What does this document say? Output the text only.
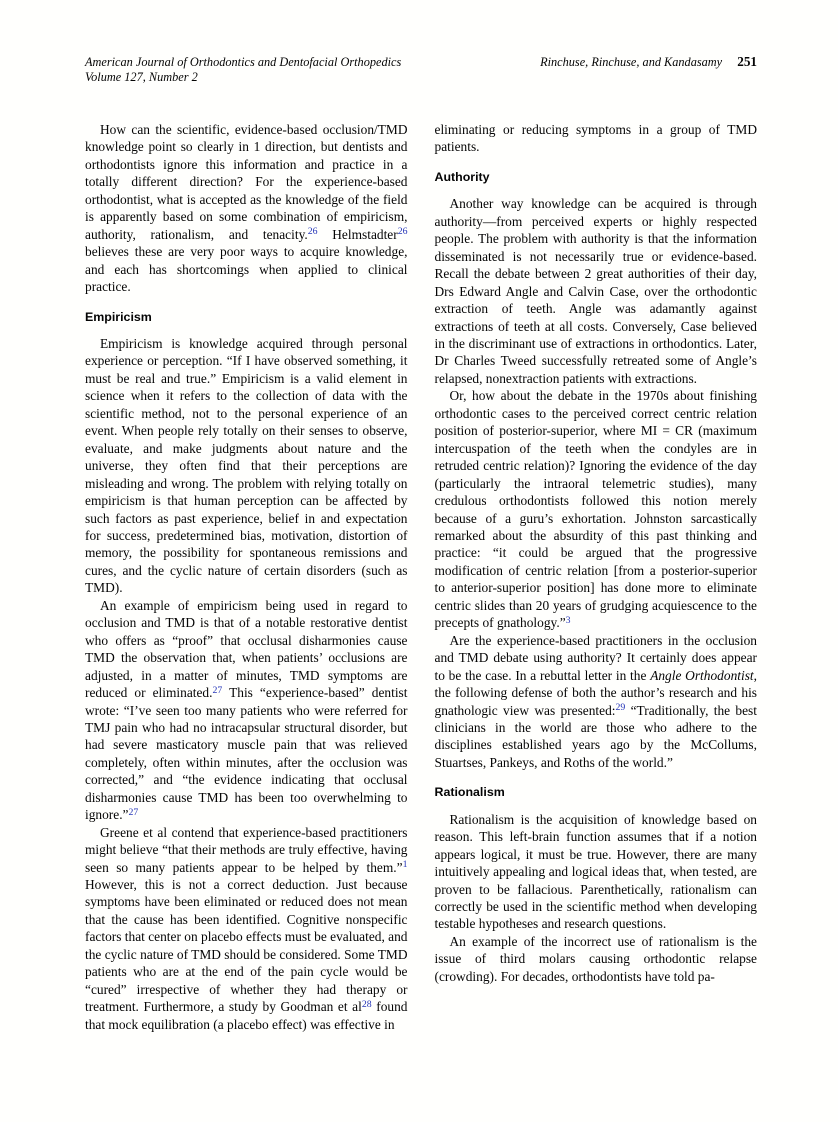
American Journal of Orthodontics and Dentofacial Orthopedics
Volume 127, Number 2
Rinchuse, Rinchuse, and Kandasamy 251

How can the scientific, evidence-based occlusion/TMD knowledge point so clearly in 1 direction, but dentists and orthodontists ignore this information and practice in a totally different direction? For the experience-based orthodontist, what is accepted as the knowledge of the field is apparently based on some combination of empiricism, authority, rationalism, and tenacity.$^{26}$ Helmstadter$^{26}$ believes these are very poor ways to acquire knowledge, and each has shortcomings when applied to clinical practice.

Empiricism

Empiricism is knowledge acquired through personal experience or perception. “If I have observed something, it must be real and true.” Empiricism is a valid element in science when it refers to the collection of data with the scientific method, not to the personal experience of an event. When people rely totally on their senses to observe, evaluate, and make judgments about nature and the universe, they often find that their perceptions are misleading and wrong. The problem with relying totally on empiricism is that human perception can be affected by such factors as past experience, belief in and expectation for success, predetermined bias, motivation, distortion of memory, the possibility for spontaneous remissions and cures, and the cyclic nature of certain disorders (such as TMD).

An example of empiricism being used in regard to occlusion and TMD is that of a notable restorative dentist who offers as “proof” that occlusal disharmonies cause TMD the observation that, when patients’ occlusions are adjusted, in a matter of minutes, TMD symptoms are reduced or eliminated.$^{27}$ This “experience-based” dentist wrote: “I’ve seen too many patients who were referred for TMJ pain who had no intracapsular structural disorder, but had severe masticatory muscle pain that was relieved completely, often within minutes, after the occlusion was corrected,” and “the evidence indicating that occlusal disharmonies cause TMD has been too overwhelming to ignore.”$^{27}$

Greene et al contend that experience-based practitioners might believe “that their methods are truly effective, having seen so many patients appear to be helped by them.”$^1$ However, this is not a correct deduction. Just because symptoms have been eliminated or reduced does not mean that the cause has been identified. Cognitive nonspecific factors that center on placebo effects must be evaluated, and the cyclic nature of TMD should be considered. Some TMD patients who are at the end of the pain cycle would be “cured” irrespective of whether they had therapy or treatment. Furthermore, a study by Goodman et al$^{28}$ found that mock equilibration (a placebo effect) was effective in

eliminating or reducing symptoms in a group of TMD patients.

Authority

Another way knowledge can be acquired is through authority—from perceived experts or highly respected people. The problem with authority is that the information disseminated is not necessarily true or evidence-based. Recall the debate between 2 great authorities of their day, Drs Edward Angle and Calvin Case, over the orthodontic extraction of teeth. Angle was adamantly against extractions of teeth at all costs. Conversely, Case believed in the discriminant use of extractions in orthodontics. Later, Dr Charles Tweed successfully retreated some of Angle’s relapsed, nonextraction patients with extractions.

Or, how about the debate in the 1970s about finishing orthodontic cases to the perceived correct centric relation position of posterior-superior, where MI = CR (maximum intercuspation of the teeth when the condyles are in retruded centric relation)? Ignoring the evidence of the day (particularly the intraoral telemetric studies), many credulous orthodontists followed this notion merely because of a guru’s exhortation. Johnston sarcastically remarked about the absurdity of this past thinking and practice: “it could be argued that the progressive modification of centric relation [from a posterior-superior to anterior-superior position] has done more to eliminate centric slides than 20 years of grudging acquiescence to the precepts of gnathology.”$^3$

Are the experience-based practitioners in the occlusion and TMD debate using authority? It certainly does appear to be the case. In a rebuttal letter in the Angle Orthodontist, the following defense of both the author’s research and his gnathologic view was presented:$^{29}$ “Traditionally, the best clinicians in the world are those who adhere to the disciplines established years ago by the McCollums, Stuartses, Pankeys, and Roths of the world.”

Rationalism

Rationalism is the acquisition of knowledge based on reason. This left-brain function assumes that if a notion appears logical, it must be true. However, there are many intuitively appealing and logical ideas that, when tested, are proven to be fallacious. Parenthetically, rationalism can correctly be used in the scientific method when developing testable hypotheses and research questions.

An example of the incorrect use of rationalism is the issue of third molars causing orthodontic relapse (crowding). For decades, orthodontists have told pa-
